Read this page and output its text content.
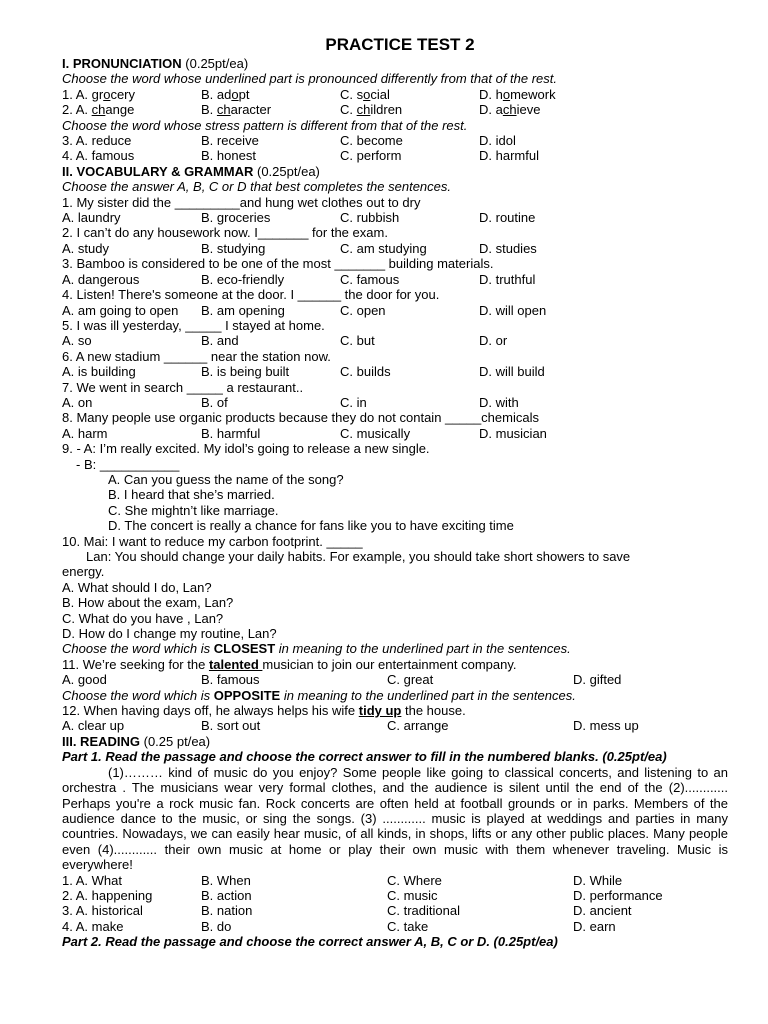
PRACTICE TEST 2
I. PRONUNCIATION (0.25pt/ea)
Choose the word whose underlined part is pronounced differently from that of the rest.
1. A. grocery	B. adopt	C. social	D. homework
2. A. change	B. character	C. children	D. achieve
Choose the word whose stress pattern is different from that of the rest.
3. A. reduce	B. receive	C. become	D. idol
4. A. famous	B. honest	C. perform	D. harmful
II. VOCABULARY & GRAMMAR (0.25pt/ea)
Choose the answer A, B, C or D that best completes the sentences.
1. My sister did the _________and hung wet clothes out to dry
A. laundry	B. groceries	C. rubbish	D. routine
2. I can’t do any housework now. I_______ for the exam.
A. study	B. studying	C. am studying	D. studies
3. Bamboo is considered to be one of the most _______ building materials.
A. dangerous	B. eco-friendly	C. famous	D. truthful
4. Listen! There's someone at the door. I ______ the door for you.
A. am going to open	B. am opening	C. open	D. will open
5. I was ill yesterday, _____ I stayed at home.
A. so	B. and	C. but	D. or
6. A new stadium ______ near the station now.
A. is building	B. is being built	C. builds	D. will build
7. We went in search _____ a restaurant..
A. on	B. of	C. in	D. with
8. Many people use organic products because they do not contain _____chemicals
A. harm	B. harmful	C. musically	D. musician
9. - A: I’m really excited. My idol’s going to release a new single.
- B: ___________
A. Can you guess the name of the song?
B. I heard that she’s married.
C. She mightn’t like marriage.
D. The concert is really a chance for fans like you to have exciting time
10. Mai: I want to reduce my carbon footprint. _____
Lan: You should change your daily habits. For example, you should take short showers to save
energy.
A. What should I do, Lan?
B. How about the exam, Lan?
C. What do you have , Lan?
D. How do I change my routine, Lan?
Choose the word which is CLOSEST in meaning to the underlined part in the sentences.
11. We’re seeking for the talented musician to join our entertainment company.
A. good	B. famous	C. great	D. gifted
Choose the word which is OPPOSITE in meaning to the underlined part in the sentences.
12. When having days off, he always helps his wife tidy up the house.
A. clear up	B. sort out	C. arrange	D. mess up
III. READING (0.25 pt/ea)
Part 1. Read the passage and choose the correct answer to fill in the numbered blanks. (0.25pt/ea)
(1)……… kind of music do you enjoy? Some people like going to classical concerts, and listening to an orchestra . The musicians wear very formal clothes, and the audience is silent until the end of the (2)............ Perhaps you're a rock music fan. Rock concerts are often held at football grounds or in parks. Members of the audience dance to the music, or sing the songs. (3) ............ music is played at weddings and parties in many countries. Nowadays, we can easily hear music, of all kinds, in shops, lifts or any other public places. Many people even (4)............ their own music at home or play their own music with them whenever traveling. Music is everywhere!
1. A. What	B. When	C. Where	D. While
2. A. happening	B. action	C. music	D. performance
3. A. historical	B. nation	C. traditional	D. ancient
4. A. make	B. do	C. take	D. earn
Part 2. Read the passage and choose the correct answer A, B, C or D. (0.25pt/ea)
